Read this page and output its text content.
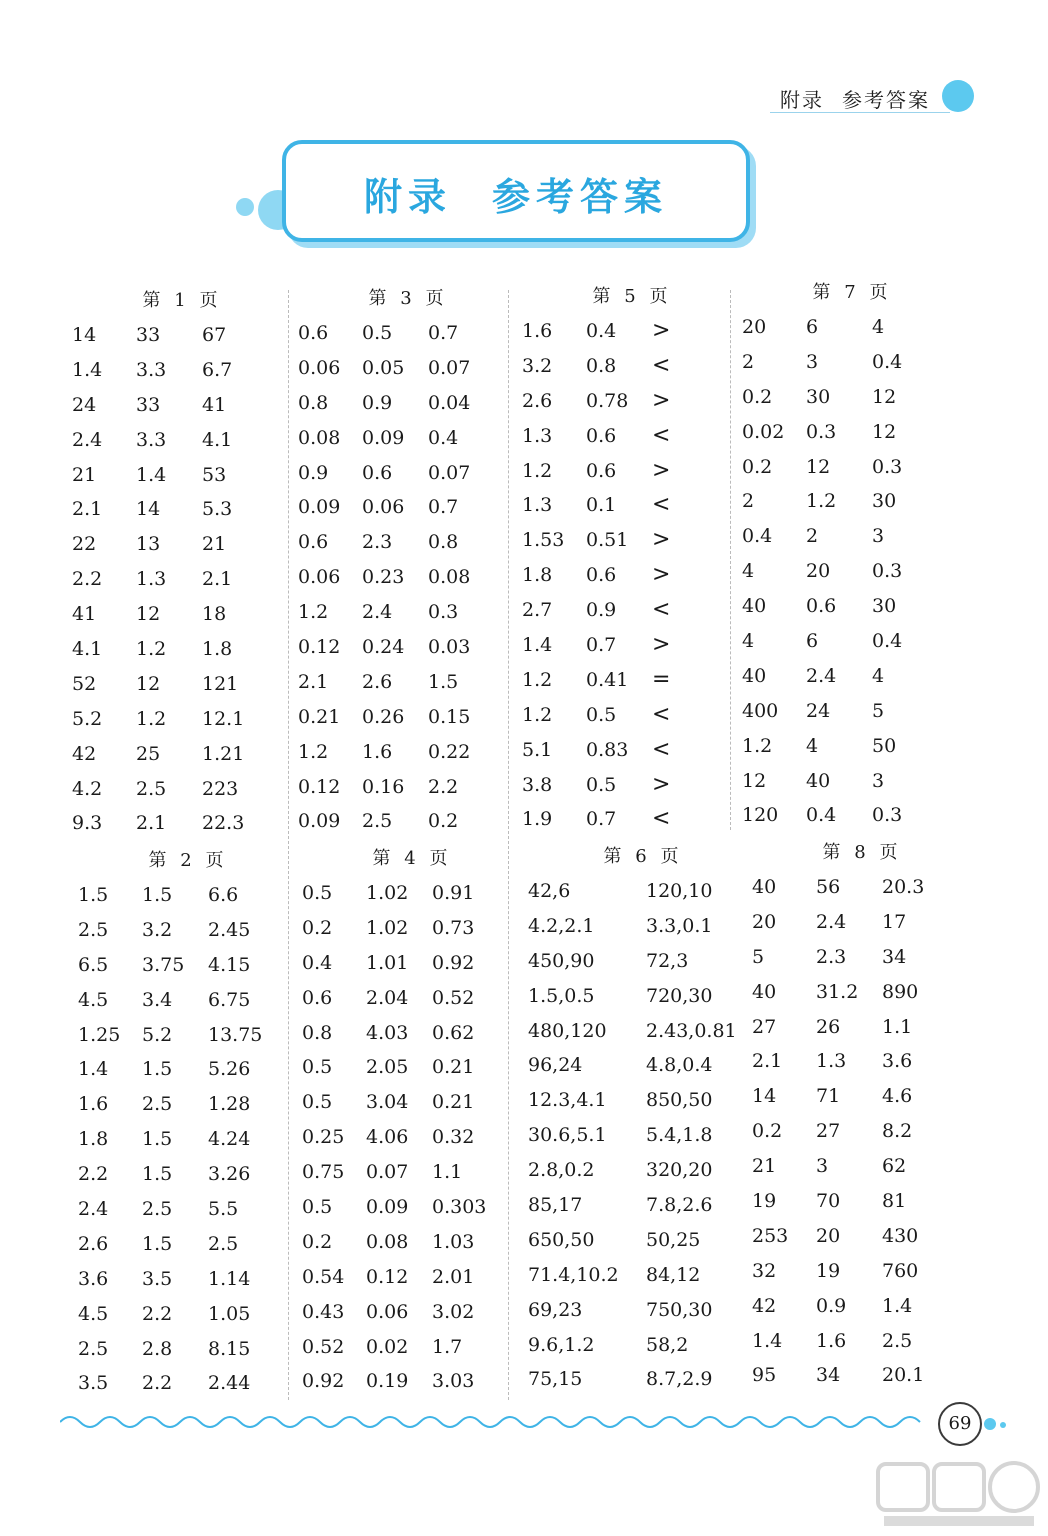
附录 参考答案
附录 参考答案
第 1 页
14 33 67
1.4 3.3 6.7
24 33 41
2.4 3.3 4.1
21 1.4 53
2.1 14 5.3
22 13 21
2.2 1.3 2.1
41 12 18
4.1 1.2 1.8
52 12 121
5.2 1.2 12.1
42 25 1.21
4.2 2.5 223
9.3 2.1 22.3
第 3 页
0.6 0.5 0.7
0.06 0.05 0.07
0.8 0.9 0.04
0.08 0.09 0.4
0.9 0.6 0.07
0.09 0.06 0.7
0.6 2.3 0.8
0.06 0.23 0.08
1.2 2.4 0.3
0.12 0.24 0.03
2.1 2.6 1.5
0.21 0.26 0.15
1.2 1.6 0.22
0.12 0.16 2.2
0.09 2.5 0.2
第 5 页
1.6 0.4 >
3.2 0.8 <
2.6 0.78 >
1.3 0.6 <
1.2 0.6 >
1.3 0.1 <
1.53 0.51 >
1.8 0.6 >
2.7 0.9 <
1.4 0.7 >
1.2 0.41 =
1.2 0.5 <
5.1 0.83 <
3.8 0.5 >
1.9 0.7 <
第 7 页
20 6	4
2	3	0.4
0.2 30 12
0.02 0.3 12
0.2 12 0.3
2	1.2 30
0.4 2	3
4	20 0.3
40 0.6 30
4	6	0.4
40 2.4 4
400 24 5
1.2 4	50
12 40 3
120 0.4 0.3
第 2 页
1.5 1.5 6.6
2.5 3.2 2.45
6.5 3.75 4.15
4.5 3.4 6.75
1.25 5.2 13.75
1.4 1.5 5.26
1.6 2.5 1.28
1.8 1.5 4.24
2.2 1.5 3.26
2.4 2.5 5.5
2.6 1.5 2.5
3.6 3.5 1.14
4.5 2.2 1.05
2.5 2.8 8.15
3.5 2.2 2.44
第 4 页
0.5 1.02 0.91
0.2 1.02 0.73
0.4 1.01 0.92
0.6 2.04 0.52
0.8 4.03 0.62
0.5 2.05 0.21
0.5 3.04 0.21
0.25 4.06 0.32
0.75 0.07 1.1
0.5 0.09 0.303
0.2 0.08 1.03
0.54 0.12 2.01
0.43 0.06 3.02
0.52 0.02 1.7
0.92 0.19 3.03
第 6 页
42,6	120,10
4.2,2.1	3.3,0.1
450,90	72,3
1.5,0.5	720,30
480,120 2.43,0.81
96,24	4.8,0.4
12.3,4.1 850,50
30.6,5.1 5.4,1.8
2.8,0.2	320,20
85,17	7.8,2.6
650,50	50,25
71.4,10.2 84,12
69,23	750,30
9.6,1.2	58,2
75,15	8.7,2.9
第 8 页
40 56 20.3
20 2.4 17
5	2.3 34
40 31.2 890
27 26 1.1
2.1 1.3 3.6
14 71 4.6
0.2 27 8.2
21 3	62
19 70 81
253 20 430
32 19 760
42 0.9 1.4
1.4 1.6 2.5
95 34 20.1
69
